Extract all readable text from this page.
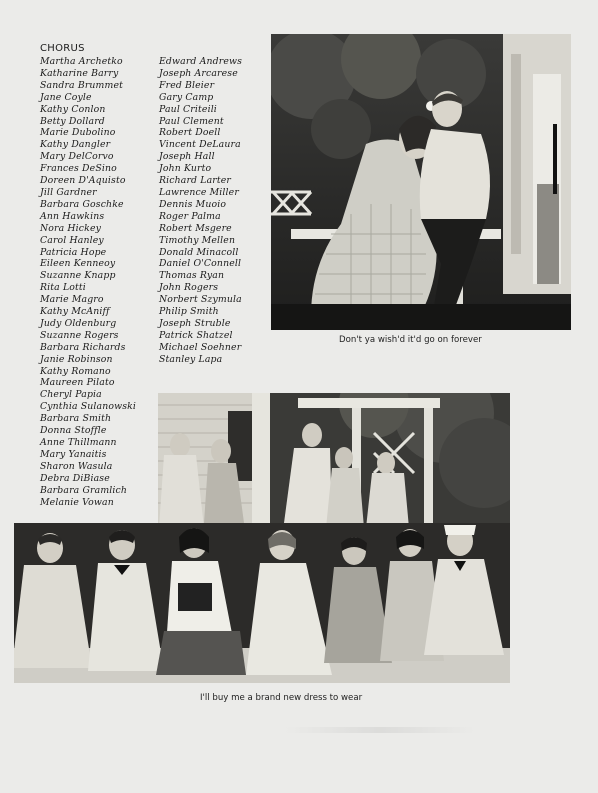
CHORUS
Martha Archetko
Katharine Barry
Sandra Brummet
Jane Coyle
Kathy Conlon
Betty Dollard
Marie Dubolino
Kathy Dangler
Mary DelCorvo
Frances DeSino
Doreen D'Aquisto
Jill Gardner
Barbara Goschke
Ann Hawkins
Nora Hickey
Carol Hanley
Patricia Hope
Eileen Kenneoy
Suzanne Knapp
Rita Lotti
Marie Magro
Kathy McAniff
Judy Oldenburg
Suzanne Rogers
Barbara Richards
Janie Robinson
Kathy Romano
Maureen Pilato
Cheryl Papia
Cynthia Sulanowski
Barbara Smith
Donna Stoffle
Anne Thillmann
Mary Yanaitis
Sharon Wasula
Debra DiBiase
Barbara Gramlich
Melanie Vowan
Edward Andrews
Joseph Arcarese
Fred Bleier
Gary Camp
Paul Criteili
Paul Clement
Robert Doell
Vincent DeLaura
Joseph Hall
John Kurto
Richard Larter
Lawrence Miller
Dennis Muoio
Roger Palma
Robert Msgere
Timothy Mellen
Donald Minacoll
Daniel O'Connell
Thomas Ryan
John Rogers
Norbert Szymula
Philip Smith
Joseph Struble
Patrick Shatzel
Michael Soehner
Stanley Lapa
Don't ya wish'd it'd go on forever
I'll buy me a brand new dress to wear
